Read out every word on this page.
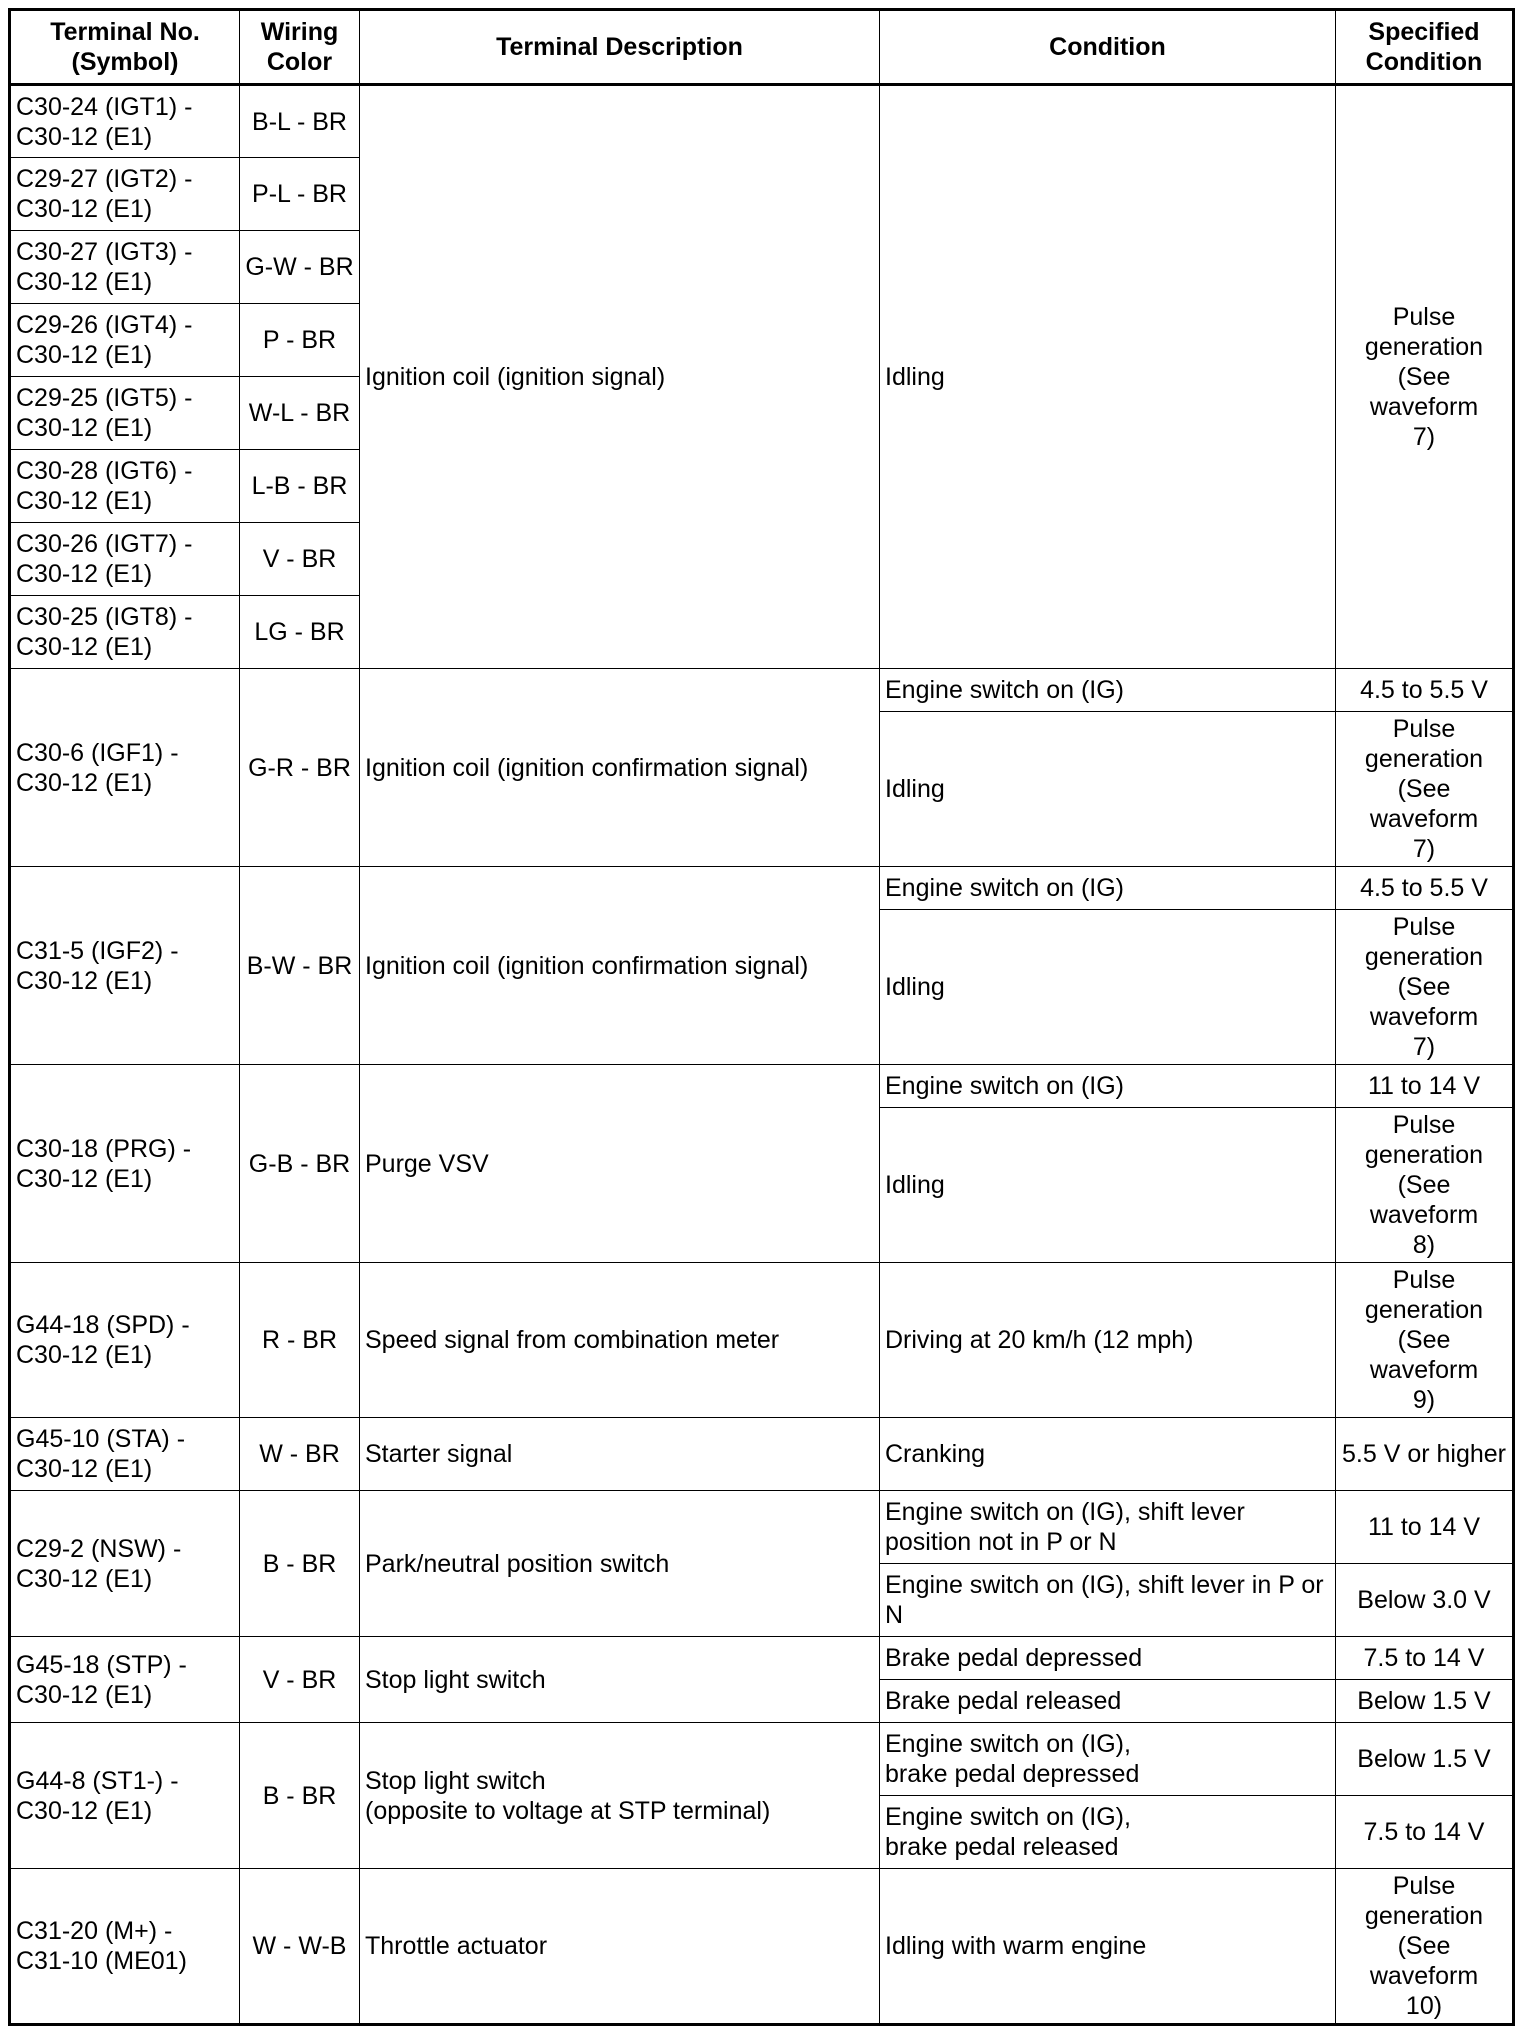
Terminal No.
(Symbol)	Wiring
Color	Terminal Description	Condition	Specified
Condition

C30-24 (IGT1) -
C30-12 (E1)	B-L - BR	Ignition coil (ignition signal)	Idling	Pulse
generation
(See waveform
7)

C29-27 (IGT2) -
C30-12 (E1)	P-L - BR			

C30-27 (IGT3) -
C30-12 (E1)	G-W - BR			

C29-26 (IGT4) -
C30-12 (E1)	P - BR			

C29-25 (IGT5) -
C30-12 (E1)	W-L - BR			

C30-28 (IGT6) -
C30-12 (E1)	L-B - BR			

C30-26 (IGT7) -
C30-12 (E1)	V - BR			

C30-25 (IGT8) -
C30-12 (E1)	LG - BR			

C30-6 (IGF1) -
C30-12 (E1)	G-R - BR	Ignition coil (ignition confirmation signal)	Engine switch on (IG)	4.5 to 5.5 V
			Idling	Pulse
generation
(See waveform
7)

C31-5 (IGF2) -
C30-12 (E1)	B-W - BR	Ignition coil (ignition confirmation signal)	Engine switch on (IG)	4.5 to 5.5 V
			Idling	Pulse
generation
(See waveform
7)

C30-18 (PRG) -
C30-12 (E1)	G-B - BR	Purge VSV	Engine switch on (IG)	11 to 14 V
			Idling	Pulse
generation
(See waveform
8)

G44-18 (SPD) -
C30-12 (E1)	R - BR	Speed signal from combination meter	Driving at 20 km/h (12 mph)	Pulse
generation
(See waveform
9)

G45-10 (STA) -
C30-12 (E1)	W - BR	Starter signal	Cranking	5.5 V or higher

C29-2 (NSW) -
C30-12 (E1)	B - BR	Park/neutral position switch	Engine switch on (IG), shift lever
position not in P or N	11 to 14 V

			Engine switch on (IG), shift lever in P or
N	Below 3.0 V

G45-18 (STP) -
C30-12 (E1)	V - BR	Stop light switch	Brake pedal depressed	7.5 to 14 V
			Brake pedal released	Below 1.5 V

G44-8 (ST1-) -
C30-12 (E1)	B - BR	Stop light switch
(opposite to voltage at STP terminal)	Engine switch on (IG),
brake pedal depressed	Below 1.5 V

			Engine switch on (IG),
brake pedal released	7.5 to 14 V

C31-20 (M+) -
C31-10 (ME01)	W - W-B	Throttle actuator	Idling with warm engine	Pulse
generation
(See waveform
10)
